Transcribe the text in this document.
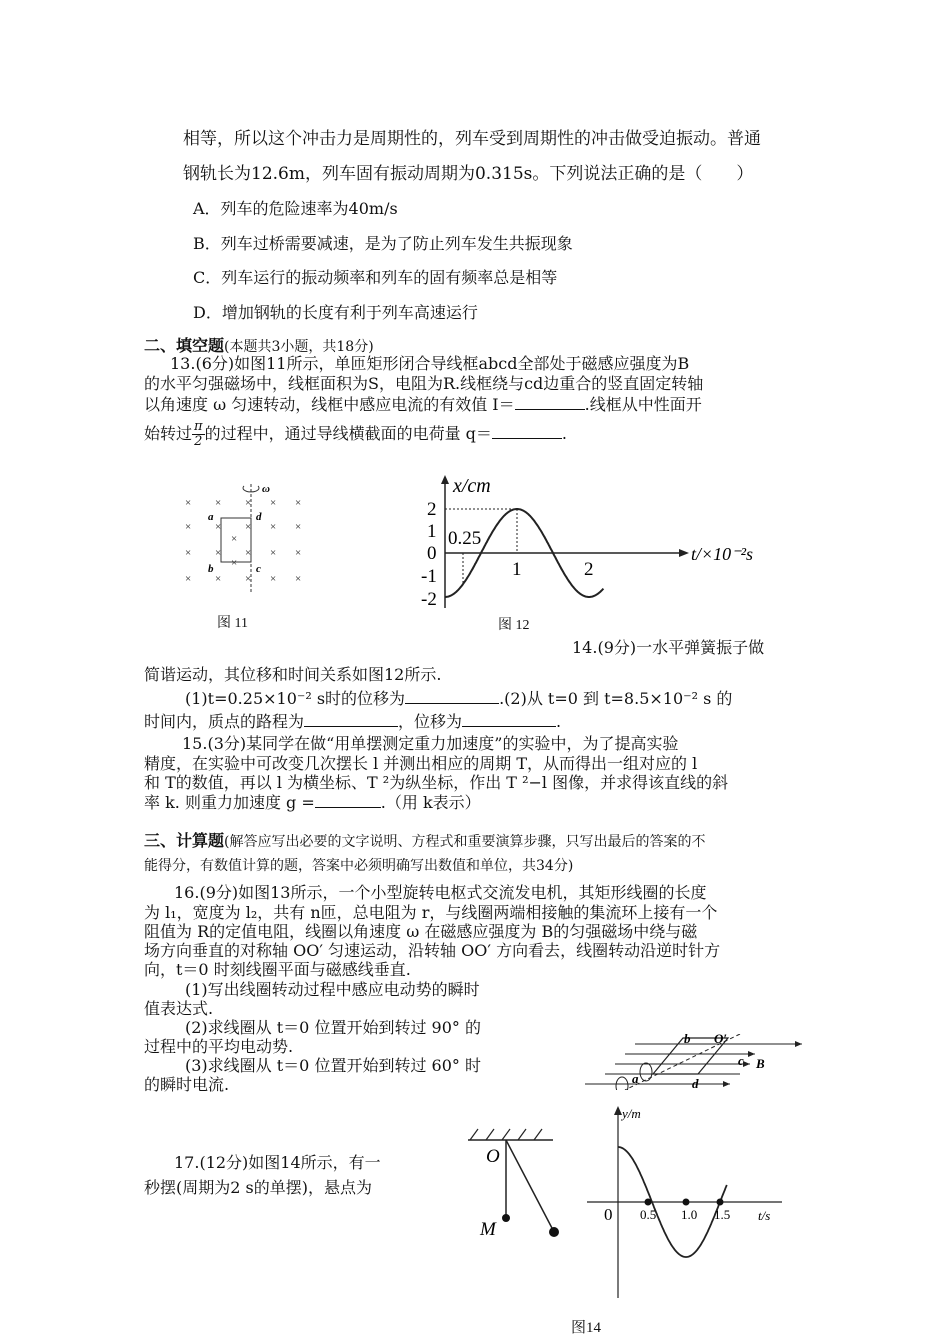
相等，所以这个冲击力是周期性的，列车受到周期性的冲击做受迫振动。普通
钢轨长为12.6m，列车固有振动周期为0.315s。下列说法正确的是（　　）
A．列车的危险速率为40m/s
B．列车过桥需要减速，是为了防止列车发生共振现象
C．列车运行的振动频率和列车的固有频率总是相等
D．增加钢轨的长度有利于列车高速运行
二、填空题(本题共3小题，共18分)
13.(6分)如图11所示，单匝矩形闭合导线框abcd全部处于磁感应强度为B
的水平匀强磁场中，线框面积为S，电阻为R.线框绕与cd边重合的竖直固定转轴
以角速度 ω 匀速转动，线框中感应电流的有效值 I＝	.线框从中性面开
始转过 $\frac{\pi}{2}$ 的过程中，通过导线横截面的电荷量 q＝	.
× × × × ×
× × × × ×
× × × × ×
× × × × ×
×
×
ω
a	d
b	c
图 11
x/cm
t/×10⁻²s
2
1
0
-1
-2
0.25
1	2
图 12
14.(9分)一水平弹簧振子做
简谐运动，其位移和时间关系如图12所示.
(1)t=0.25×10⁻² s时的位移为	.(2)从 t=0 到 t=8.5×10⁻² s 的
时间内，质点的路程为	，位移为	.
15.(3分)某同学在做“用单摆测定重力加速度”的实验中，为了提高实验
精度，在实验中可改变几次摆长 l 并测出相应的周期 T，从而得出一组对应的 l
和 T的数值，再以 l 为横坐标、T ²为纵坐标，作出 T ²−l 图像，并求得该直线的斜
率 k. 则重力加速度 g =	.（用 k表示）
三、计算题(解答应写出必要的文字说明、方程式和重要演算步骤，只写出最后的答案的不
能得分，有数值计算的题，答案中必须明确写出数值和单位，共34分)
16.(9分)如图13所示，一个小型旋转电枢式交流发电机，其矩形线圈的长度
为 l₁，宽度为 l₂，共有 n匝，总电阻为 r，与线圈两端相接触的集流环上接有一个
阻值为 R的定值电阻，线圈以角速度 ω 在磁感应强度为 B的匀强磁场中绕与磁
场方向垂直的对称轴 OO′ 匀速运动，沿转轴 OO′ 方向看去，线圈转动沿逆时针方
向，t＝0 时刻线圈平面与磁感线垂直.
(1)写出线圈转动过程中感应电动势的瞬时
值表达式.
(2)求线圈从 t＝0 位置开始到转过 90° 的
过程中的平均电动势.
(3)求线圈从 t＝0 位置开始到转过 60° 时
的瞬时电流.
O′
b
c B
a	d
17.(12分)如图14所示，有一
秒摆(周期为2 s的单摆)，悬点为
O
M
y/m
t/s
0 0.5 1.0 1.5
图14
